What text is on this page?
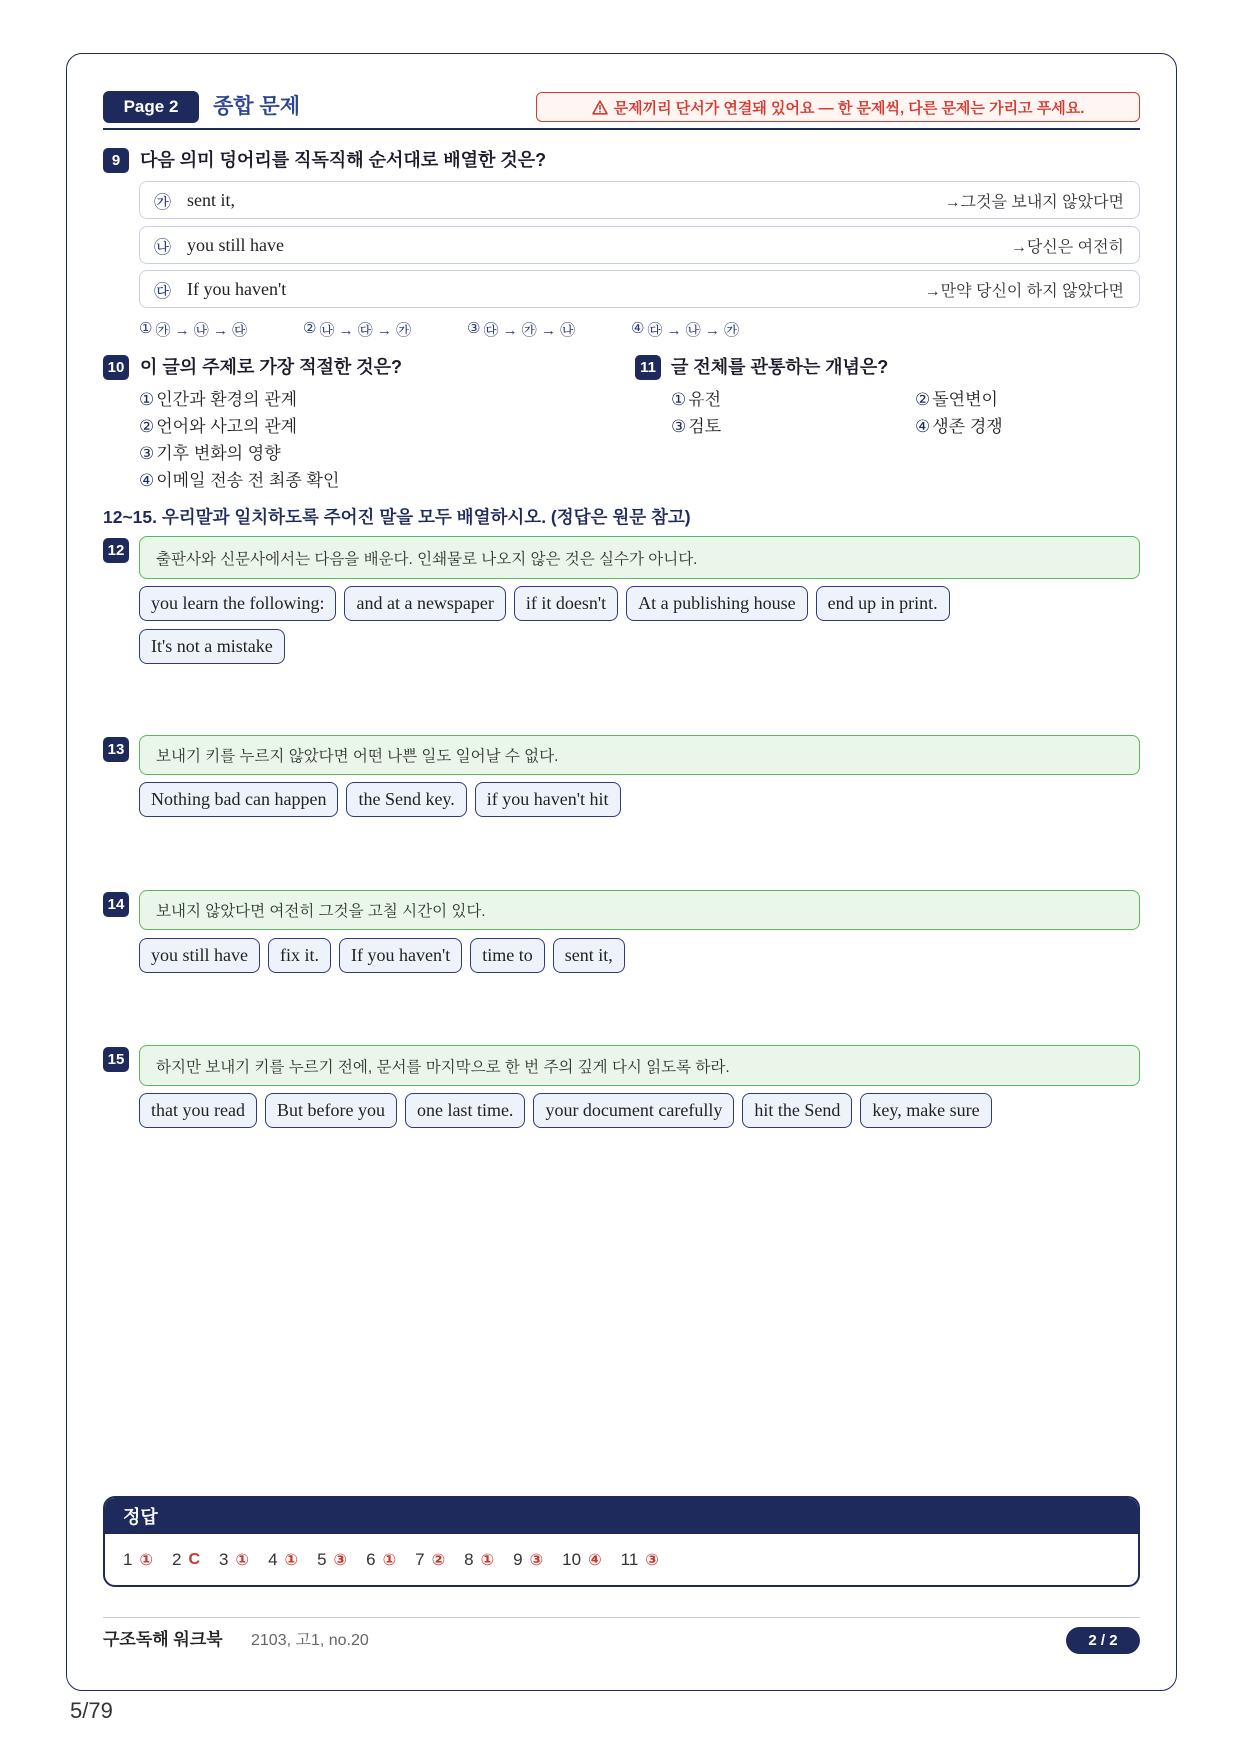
Page 2	종합 문제	문제끼리 단서가 연결돼 있어요 — 한 문제씩, 다른 문제는 가리고 푸세요.
9	다음 의미 덩어리를 직독직해 순서대로 배열한 것은?
㉮ sent it,	→그것을 보내지 않았다면
㉯ you still have	→당신은 여전히
㉰ If you haven't	→만약 당신이 하지 않았다면
① ㉮ → ㉯ → ㉰	② ㉯ → ㉰ → ㉮	③ ㉰ → ㉮ → ㉯	④ ㉰ → ㉯ → ㉮
10 이 글의 주제로 가장 적절한 것은?
① 인간과 환경의 관계
② 언어와 사고의 관계
③ 기후 변화의 영향
④ 이메일 전송 전 최종 확인
11 글 전체를 관통하는 개념은?
① 유전	② 돌연변이
③ 검토	④ 생존 경쟁
12~15. 우리말과 일치하도록 주어진 말을 모두 배열하시오. (정답은 원문 참고)
12	출판사와 신문사에서는 다음을 배운다. 인쇄물로 나오지 않은 것은 실수가 아니다.
you learn the following:	and at a newspaper	if it doesn't	At a publishing house	end up in print.
It's not a mistake
13	보내기 키를 누르지 않았다면 어떤 나쁜 일도 일어날 수 없다.
Nothing bad can happen	the Send key.	if you haven't hit
14	보내지 않았다면 여전히 그것을 고칠 시간이 있다.
you still have	fix it.	If you haven't	time to	sent it,
15	하지만 보내기 키를 누르기 전에, 문서를 마지막으로 한 번 주의 깊게 다시 읽도록 하라.
that you read	But before you	one last time.	your document carefully	hit the Send	key, make sure
정답
1 ① 2 C 3 ① 4 ① 5 ③ 6 ① 7 ② 8 ① 9 ③ 10 ④ 11 ③
구조독해 워크북 2103, 고1, no.20	2 / 2
5/79
